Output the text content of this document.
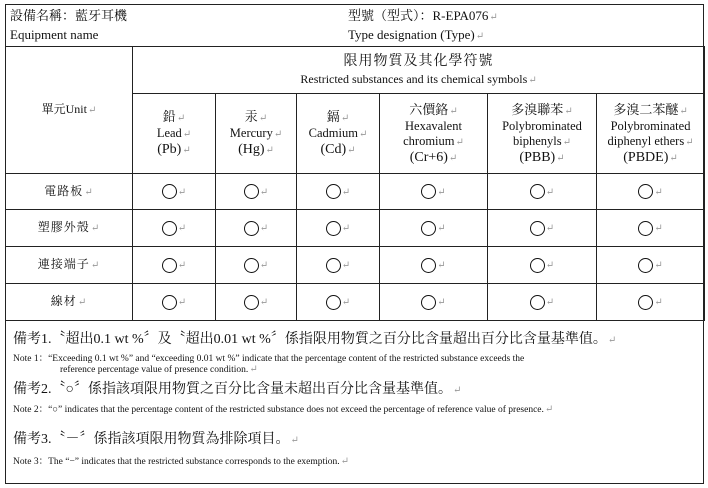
設備名稱：藍牙耳機
Equipment name
型號（型式）：R-EPA076↵
Type designation (Type)↵
單元Unit↵	限用物質及其化學符號
Restricted substances and its chemical symbols↵					

	鉛↵
Lead↵
(Pb)↵	汞↵
Mercury↵
(Hg)↵	鎘↵
Cadmium↵
(Cd)↵	六價鉻↵
Hexavalent
chromium↵
(Cr+6)↵	多溴聯苯↵
Polybrominated
biphenyls↵
(PBB)↵	多溴二苯醚↵
Polybrominated
diphenyl ethers↵
(PBDE)↵

電路板↵	↵	↵	↵	↵	↵	↵
塑膠外殼↵	↵	↵	↵	↵	↵	↵
連接端子↵	↵	↵	↵	↵	↵	↵
線材↵	↵	↵	↵	↵	↵	↵
備考1.〝超出0.1 wt %〞及〝超出0.01 wt %〞係指限用物質之百分比含量超出百分比含量基準值。↵
Note 1：“Exceeding 0.1 wt %” and “exceeding 0.01 wt %” indicate that the percentage content of the restricted substance exceeds the
reference percentage value of presence condition.↵
備考2.〝○〞係指該項限用物質之百分比含量未超出百分比含量基準值。↵
Note 2：“○” indicates that the percentage content of the restricted substance does not exceed the percentage of reference value of presence.↵
備考3.〝－〞係指該項限用物質為排除項目。↵
Note 3：The “−” indicates that the restricted substance corresponds to the exemption.↵
